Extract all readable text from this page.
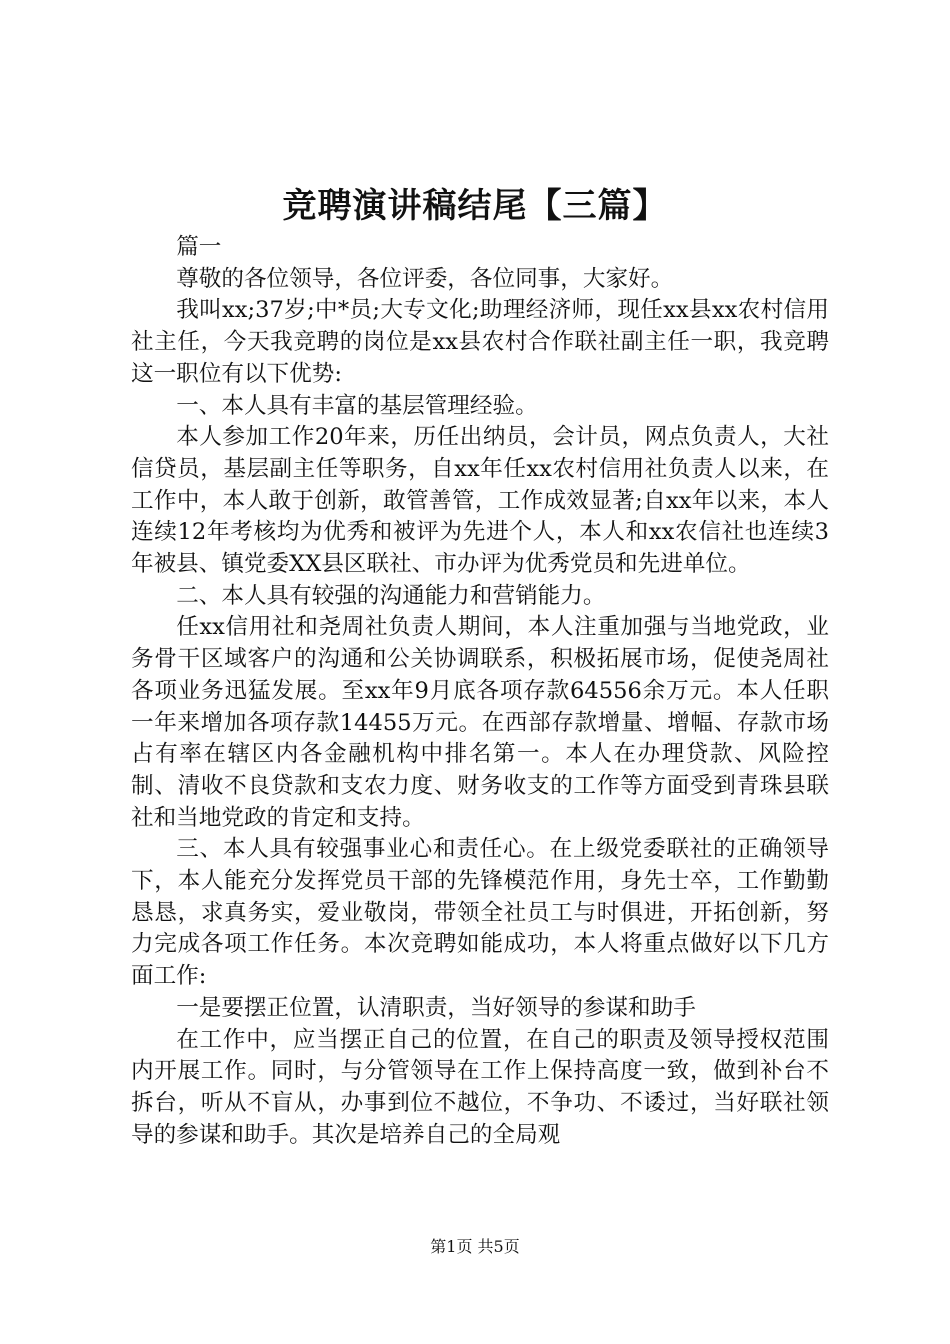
竞聘演讲稿结尾【三篇】

篇一

尊敬的各位领导，各位评委，各位同事，大家好。

我叫xx;37岁;中*员;大专文化;助理经济师，现任xx县xx农村信用社主任，今天我竞聘的岗位是xx县农村合作联社副主任一职，我竞聘这一职位有以下优势:

一、本人具有丰富的基层管理经验。

本人参加工作20年来，历任出纳员，会计员，网点负责人，大社信贷员，基层副主任等职务，自xx年任xx农村信用社负责人以来，在工作中，本人敢于创新，敢管善管，工作成效显著;自xx年以来，本人连续12年考核均为优秀和被评为先进个人，本人和xx农信社也连续3年被县、镇党委XX县区联社、市办评为优秀党员和先进单位。

二、本人具有较强的沟通能力和营销能力。

任xx信用社和尧周社负责人期间，本人注重加强与当地党政，业务骨干区域客户的沟通和公关协调联系，积极拓展市场，促使尧周社各项业务迅猛发展。至xx年9月底各项存款64556余万元。本人任职一年来增加各项存款14455万元。在西部存款增量、增幅、存款市场占有率在辖区内各金融机构中排名第一。本人在办理贷款、风险控制、清收不良贷款和支农力度、财务收支的工作等方面受到青珠县联社和当地党政的肯定和支持。

三、本人具有较强事业心和责任心。在上级党委联社的正确领导下，本人能充分发挥党员干部的先锋模范作用，身先士卒，工作勤勤恳恳，求真务实，爱业敬岗，带领全社员工与时俱进，开拓创新，努力完成各项工作任务。本次竞聘如能成功，本人将重点做好以下几方面工作:

一是要摆正位置，认清职责，当好领导的参谋和助手

在工作中，应当摆正自己的位置，在自己的职责及领导授权范围内开展工作。同时，与分管领导在工作上保持高度一致，做到补台不拆台，听从不盲从，办事到位不越位，不争功、不诿过，当好联社领导的参谋和助手。其次是培养自己的全局观

第1页 共5页
